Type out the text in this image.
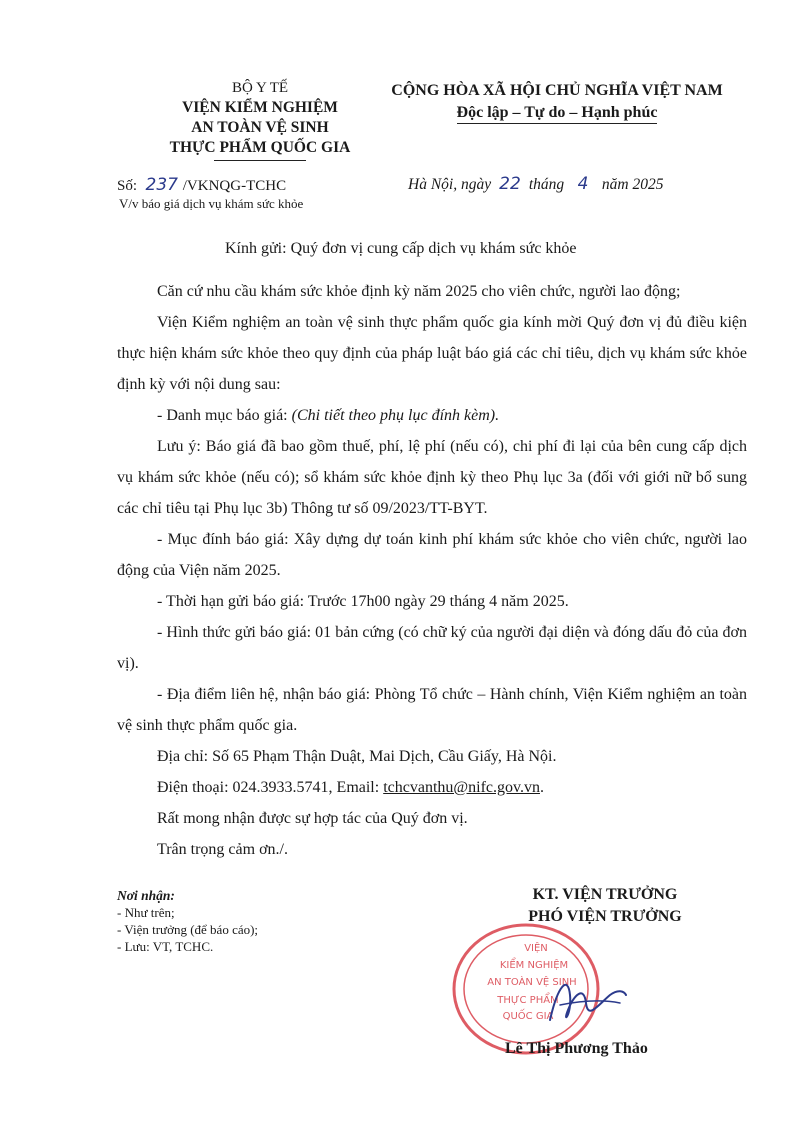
BỘ Y TẾ
VIỆN KIỂM NGHIỆM
AN TOÀN VỆ SINH
THỰC PHẨM QUỐC GIA
CỘNG HÒA XÃ HỘI CHỦ NGHĨA VIỆT NAM
Độc lập – Tự do – Hạnh phúc
Số: 237 /VKNQG-TCHC
V/v báo giá dịch vụ khám sức khỏe
Hà Nội, ngày 22 tháng 4 năm 2025
Kính gửi: Quý đơn vị cung cấp dịch vụ khám sức khỏe

Căn cứ nhu cầu khám sức khỏe định kỳ năm 2025 cho viên chức, người lao động;

Viện Kiểm nghiệm an toàn vệ sinh thực phẩm quốc gia kính mời Quý đơn vị đủ điều kiện thực hiện khám sức khỏe theo quy định của pháp luật báo giá các chỉ tiêu, dịch vụ khám sức khỏe định kỳ với nội dung sau:

- Danh mục báo giá: (Chi tiết theo phụ lục đính kèm).

Lưu ý: Báo giá đã bao gồm thuế, phí, lệ phí (nếu có), chi phí đi lại của bên cung cấp dịch vụ khám sức khỏe (nếu có); sổ khám sức khỏe định kỳ theo Phụ lục 3a (đối với giới nữ bổ sung các chỉ tiêu tại Phụ lục 3b) Thông tư số 09/2023/TT-BYT.

- Mục đính báo giá: Xây dựng dự toán kinh phí khám sức khỏe cho viên chức, người lao động của Viện năm 2025.

- Thời hạn gửi báo giá: Trước 17h00 ngày 29 tháng 4 năm 2025.

- Hình thức gửi báo giá: 01 bản cứng (có chữ ký của người đại diện và đóng dấu đỏ của đơn vị).

- Địa điểm liên hệ, nhận báo giá: Phòng Tổ chức – Hành chính, Viện Kiểm nghiệm an toàn vệ sinh thực phẩm quốc gia.

Địa chỉ: Số 65 Phạm Thận Duật, Mai Dịch, Cầu Giấy, Hà Nội.

Điện thoại: 024.3933.5741, Email: tchcvanthu@nifc.gov.vn.

Rất mong nhận được sự hợp tác của Quý đơn vị.

Trân trọng cảm ơn./.

Nơi nhận:
- Như trên;
- Viện trưởng (để báo cáo);
- Lưu: VT, TCHC.
KT. VIỆN TRƯỞNG
PHÓ VIỆN TRƯỞNG
VIỆN
KIỂM NGHIỆM
AN TOÀN VỆ SINH
THỰC PHẨM
QUỐC GIA
Lê Thị Phương Thảo
